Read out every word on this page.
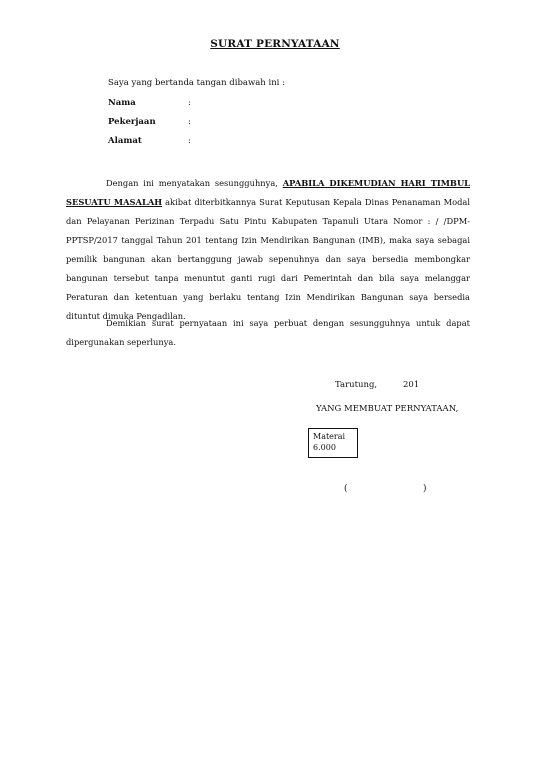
SURAT PERNYATAAN
Saya yang bertanda tangan dibawah ini :
Nama	:
Pekerjaan	:
Alamat	:
Dengan ini menyatakan sesungguhnya, APABILA DIKEMUDIAN HARI TIMBUL SESUATU MASALAH akibat diterbitkannya Surat Keputusan Kepala Dinas Penanaman Modal dan Pelayanan Perizinan Terpadu Satu Pintu Kabupaten Tapanuli Utara Nomor : / /DPM-PPTSP/2017 tanggal Tahun 201 tentang Izin Mendirikan Bangunan (IMB), maka saya sebagai pemilik bangunan akan bertanggung jawab sepenuhnya dan saya bersedia membongkar bangunan tersebut tanpa menuntut ganti rugi dari Pemerintah dan bila saya melanggar Peraturan dan ketentuan yang berlaku tentang Izin Mendirikan Bangunan saya bersedia dituntut dimuka Pengadilan.
Demikian surat pernyataan ini saya perbuat dengan sesungguhnya untuk dapat dipergunakan seperlunya.
Tarutung,	201
YANG MEMBUAT PERNYATAAN,
Materai
6.000
(	)
